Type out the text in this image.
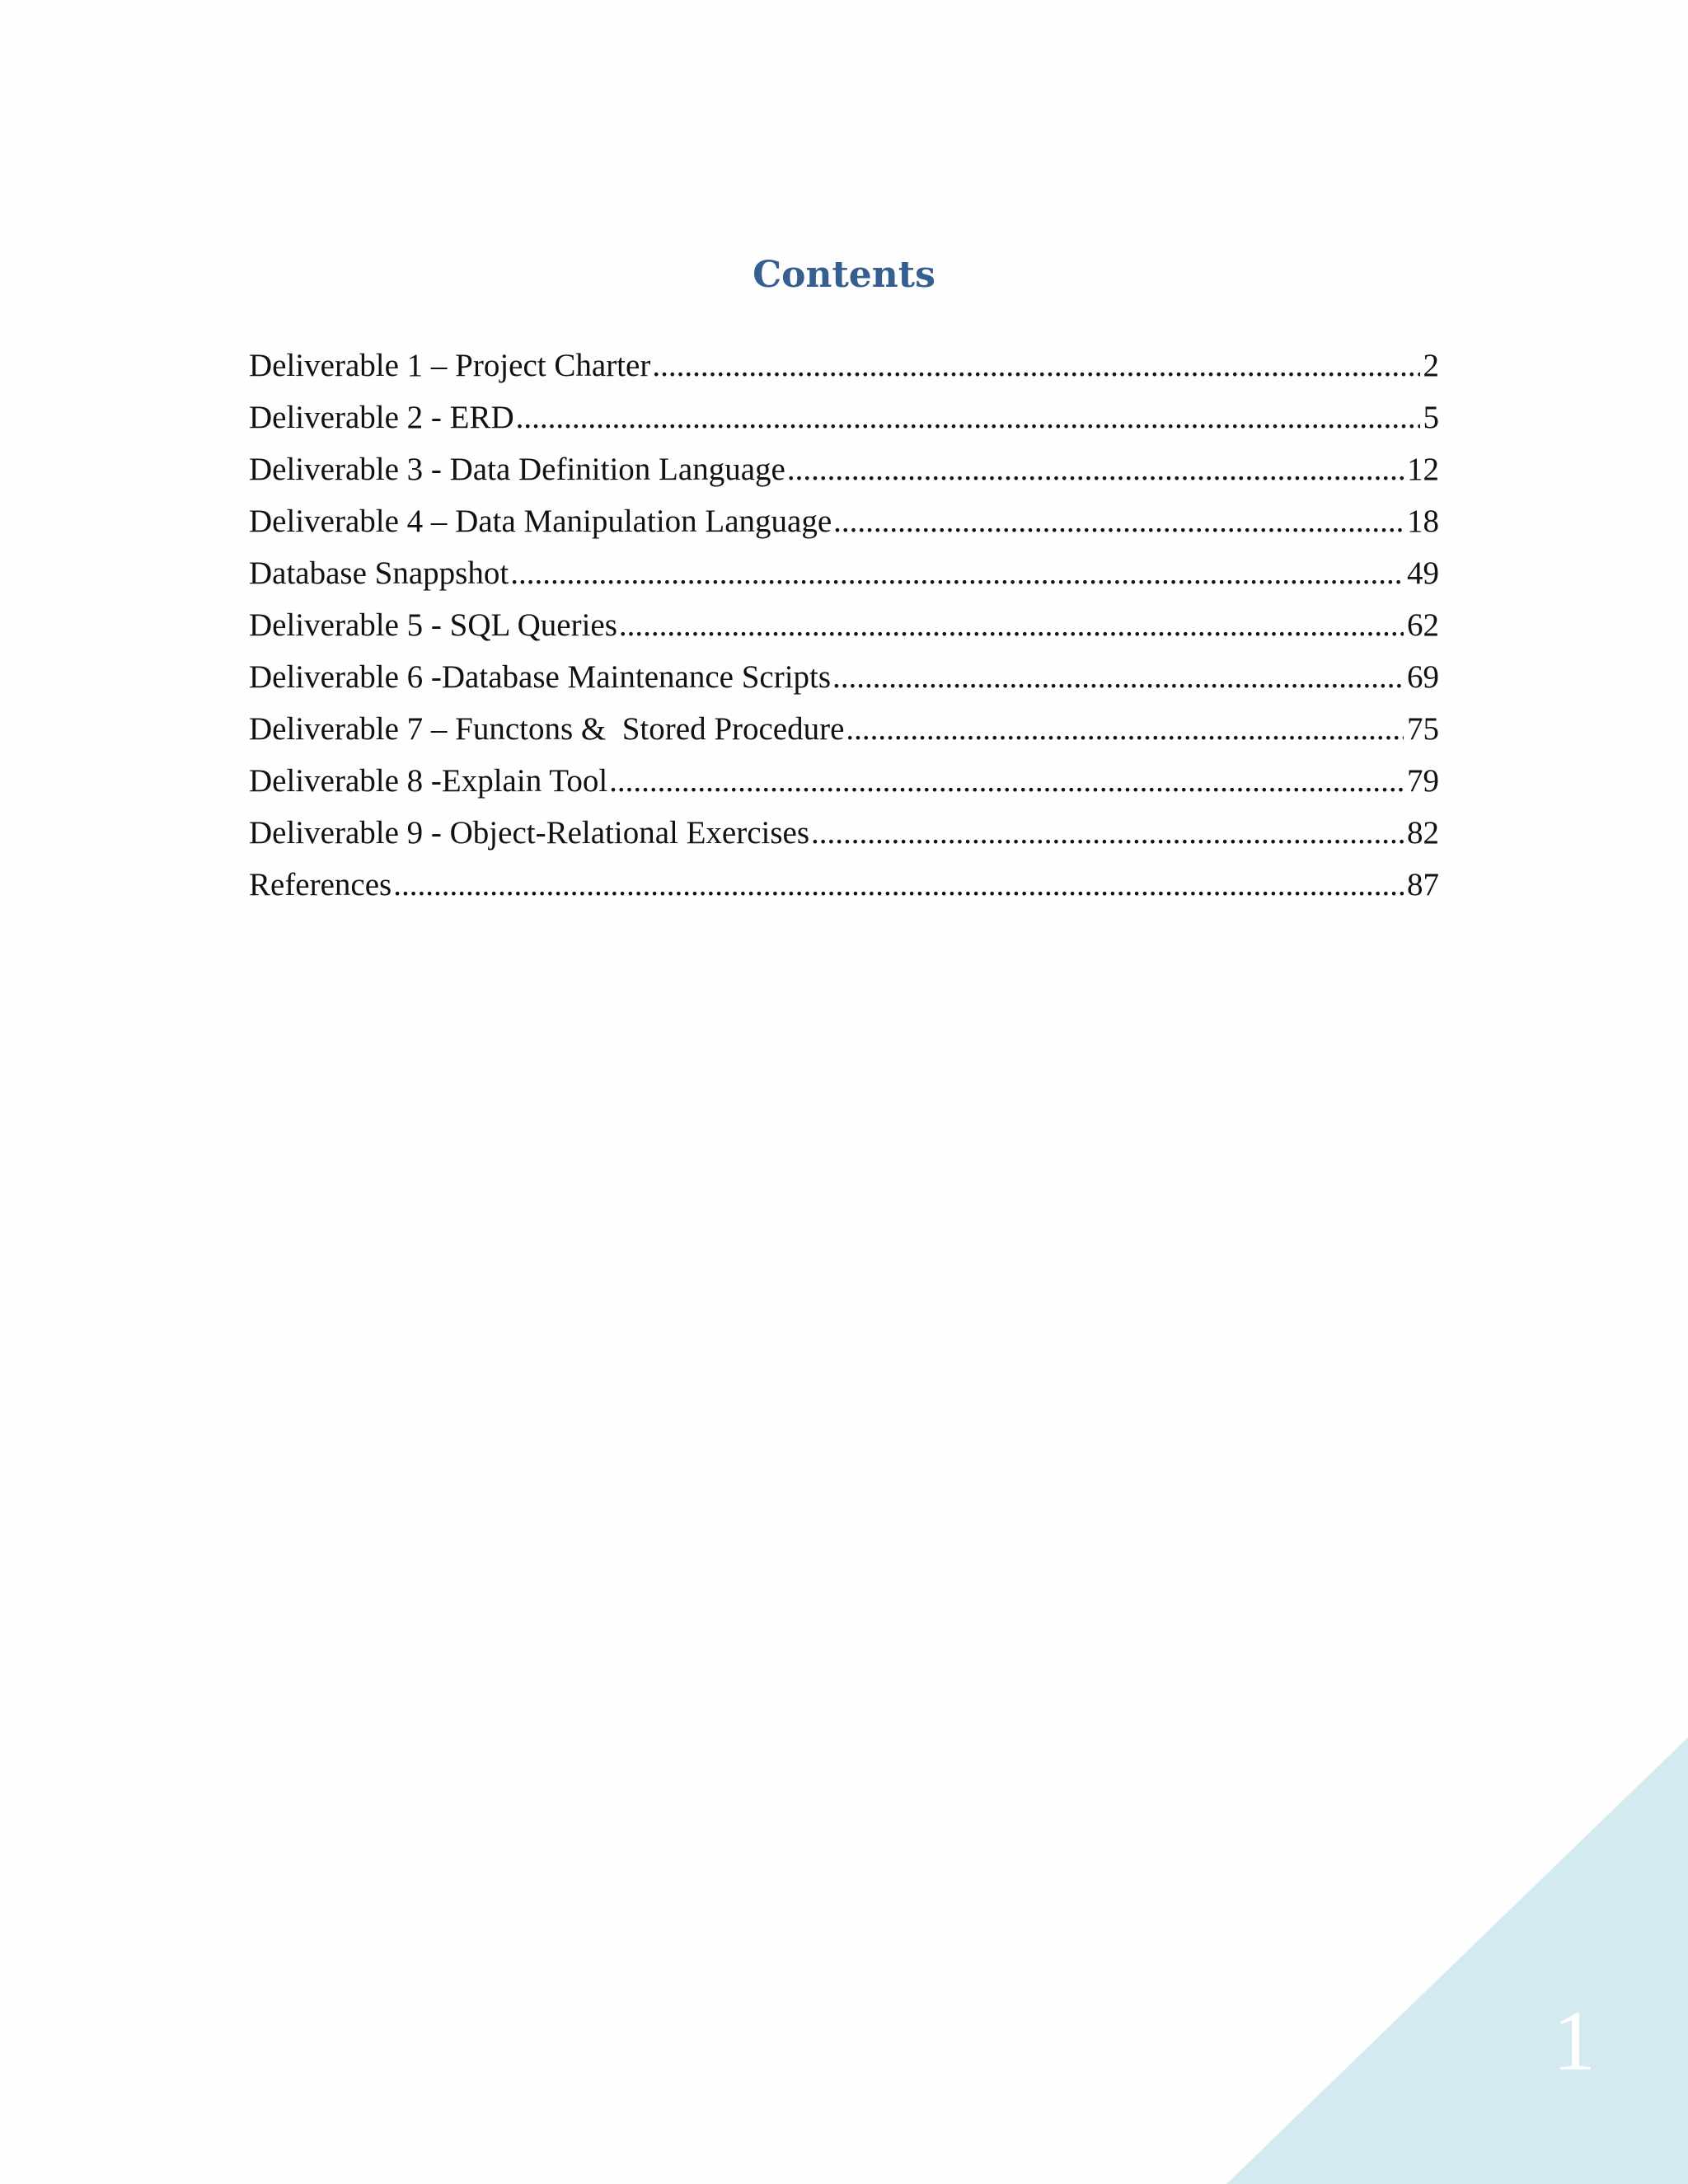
Contents
Deliverable 1 – Project Charter .....	2
Deliverable 2 - ERD .....	5
Deliverable 3 - Data Definition Language .....	12
Deliverable 4 – Data Manipulation Language .....	18
Database Snappshot .....	49
Deliverable 5 - SQL Queries .....	62
Deliverable 6 -Database Maintenance Scripts .....	69
Deliverable 7 – Functons &  Stored Procedure .....	75
Deliverable 8 -Explain Tool .....	79
Deliverable 9 - Object-Relational Exercises .....	82
References .....	87
1
